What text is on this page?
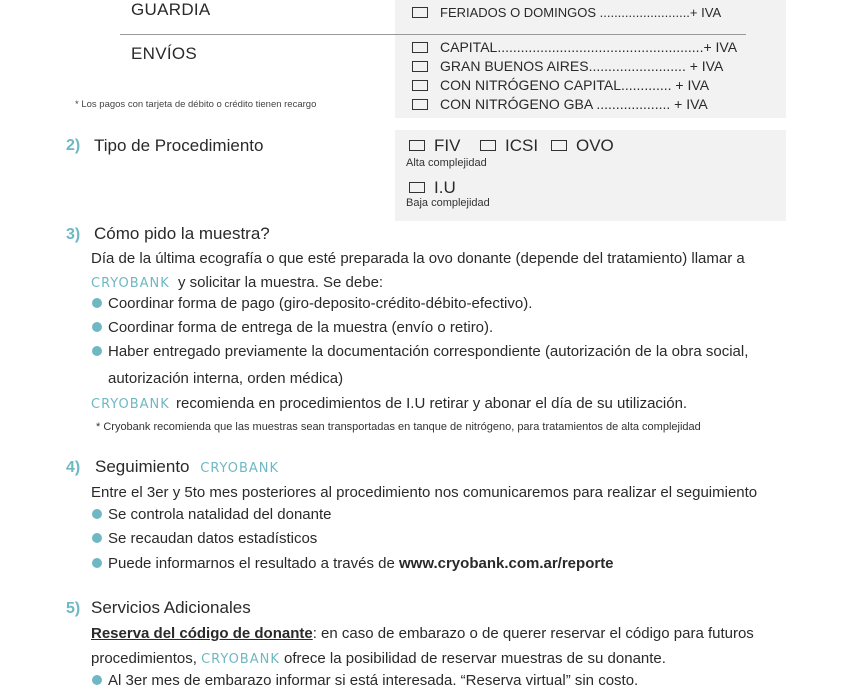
GUARDIA	FERIADOS O DOMINGOS .........................+ IVA
ENVÍOS	CAPITAL.....................................................+ IVA
GRAN BUENOS AIRES......................... + IVA
CON NITRÓGENO CAPITAL............. + IVA
CON NITRÓGENO GBA ................... + IVA
* Los pagos con tarjeta de débito o crédito tienen recargo
2) Tipo de Procedimiento	FIV	ICSI	OVO
Alta complejidad
I.U
Baja complejidad
3) Cómo pido la muestra?
Día de la última ecografía o que esté preparada la ovo donante (depende del tratamiento) llamar a
CRYOBANK y solicitar la muestra. Se debe:
Coordinar forma de pago (giro-deposito-crédito-débito-efectivo).
Coordinar forma de entrega de la muestra (envío o retiro).
Haber entregado previamente la documentación correspondiente (autorización de la obra social,
autorización interna, orden médica)
CRYOBANK recomienda en procedimientos de I.U retirar y abonar el día de su utilización.
* Cryobank recomienda que las muestras sean transportadas en tanque de nitrógeno, para tratamientos de alta complejidad
4) Seguimiento CRYOBANK
Entre el 3er y 5to mes posteriores al procedimiento nos comunicaremos para realizar el seguimiento
Se controla natalidad del donante
Se recaudan datos estadísticos
Puede informarnos el resultado a través de www.cryobank.com.ar/reporte
5) Servicios Adicionales
Reserva del código de donante: en caso de embarazo o de querer reservar el código para futuros
procedimientos, CRYOBANK ofrece la posibilidad de reservar muestras de su donante.
Al 3er mes de embarazo informar si está interesada. “Reserva virtual” sin costo.
